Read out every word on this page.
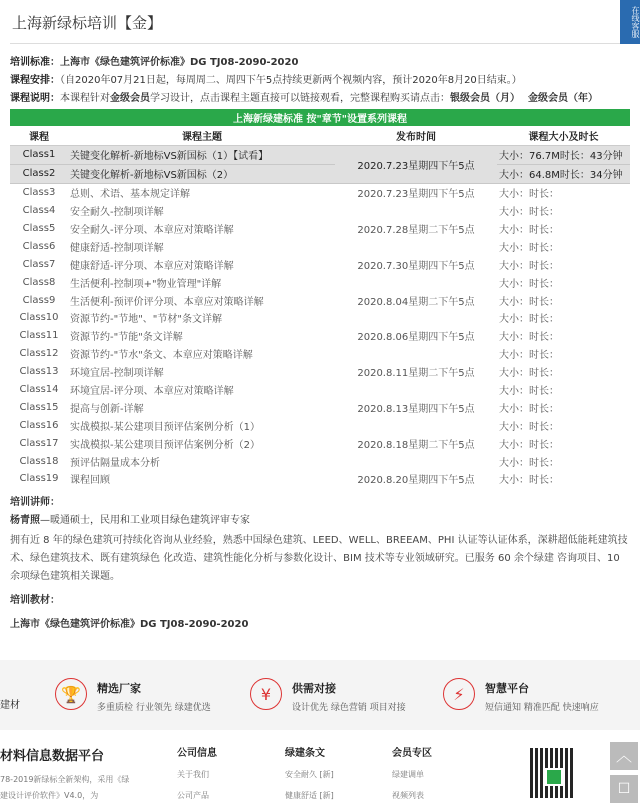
上海新绿标培训【金】
培训标准：上海市《绿色建筑评价标准》DG TJ08-2090-2020
课程安排：（自2020年07月21日起，每周周二、周四下午5点持续更新两个视频内容，预计2020年8月20日结束。）
课程说明：本课程针对金级会员学习设计，点击课程主题直接可以链接观看，完整课程购买请点击：银级会员（月） 金级会员（年）
上海新绿建标准 按"章节"设置系列课程			
课程	课程主题	发布时间	课程大小及时长
Class1	关键变化解析-新地标VS新国标（1）【试看】	2020.7.23星期四下午5点	大小：76.7M时长：43分钟
Class2	关键变化解析-新地标VS新国标（2）		大小：64.8M时长：34分钟
Class3	总则、术语、基本规定详解	2020.7.23星期四下午5点	大小：时长：
Class4	安全耐久-控制项详解		大小：时长：
Class5	安全耐久-评分项、本章应对策略详解	2020.7.28星期二下午5点	大小：时长：
Class6	健康舒适-控制项详解		大小：时长：
Class7	健康舒适-评分项、本章应对策略详解	2020.7.30星期四下午5点	大小：时长：
Class8	生活便利-控制项+"物业管理"详解		大小：时长：
Class9	生活便利-预评价评分项、本章应对策略详解	2020.8.04星期二下午5点	大小：时长：
Class10	资源节约-"节地"、"节材"条文详解		大小：时长：
Class11	资源节约-"节能"条文详解	2020.8.06星期四下午5点	大小：时长：
Class12	资源节约-"节水"条文、本章应对策略详解		大小：时长：
Class13	环境宜居-控制项详解	2020.8.11星期二下午5点	大小：时长：
Class14	环境宜居-评分项、本章应对策略详解		大小：时长：
Class15	提高与创新-详解	2020.8.13星期四下午5点	大小：时长：
Class16	实战模拟-某公建项目预评估案例分析（1）		大小：时长：
Class17	实战模拟-某公建项目预评估案例分析（2）	2020.8.18星期二下午5点	大小：时长：
Class18	预评估隔量成本分析		大小：时长：
Class19	课程回顾	2020.8.20星期四下午5点	大小：时长：
培训讲师：
杨青照—暖通硕士，民用和工业项目绿色建筑评审专家
拥有近 8 年的绿色建筑可持续化咨询从业经验，熟悉中国绿色建筑、LEED、WELL、BREEAM、PHI 认证等认证体系，深耕超低能耗建筑技术、绿色建筑技术、既有建筑绿色 化改造、建筑性能化分析与参数化设计、BIM 技术等专业领域研究。已服务 60 余个绿建 咨询项目、10 余项绿色建筑相关课题。
培训教材：
上海市《绿色建筑评价标准》DG TJ08-2090-2020
在线客服
建材
🏆	精选厂家
多重质检 行业领先 绿建优选
¥	供需对接
设计优先 绿色营销 项目对接
⚡	智慧平台
短信通知 精准匹配 快速响应
材料信息数据平台
78-2019新绿标全新架构，采用《绿建设计评价软件》V4.0，为
公司信息
关于我们
公司产品
绿建条文
安全耐久 [新]
健康舒适 [新]
会员专区
绿建调单
视频列表
︿
☐
